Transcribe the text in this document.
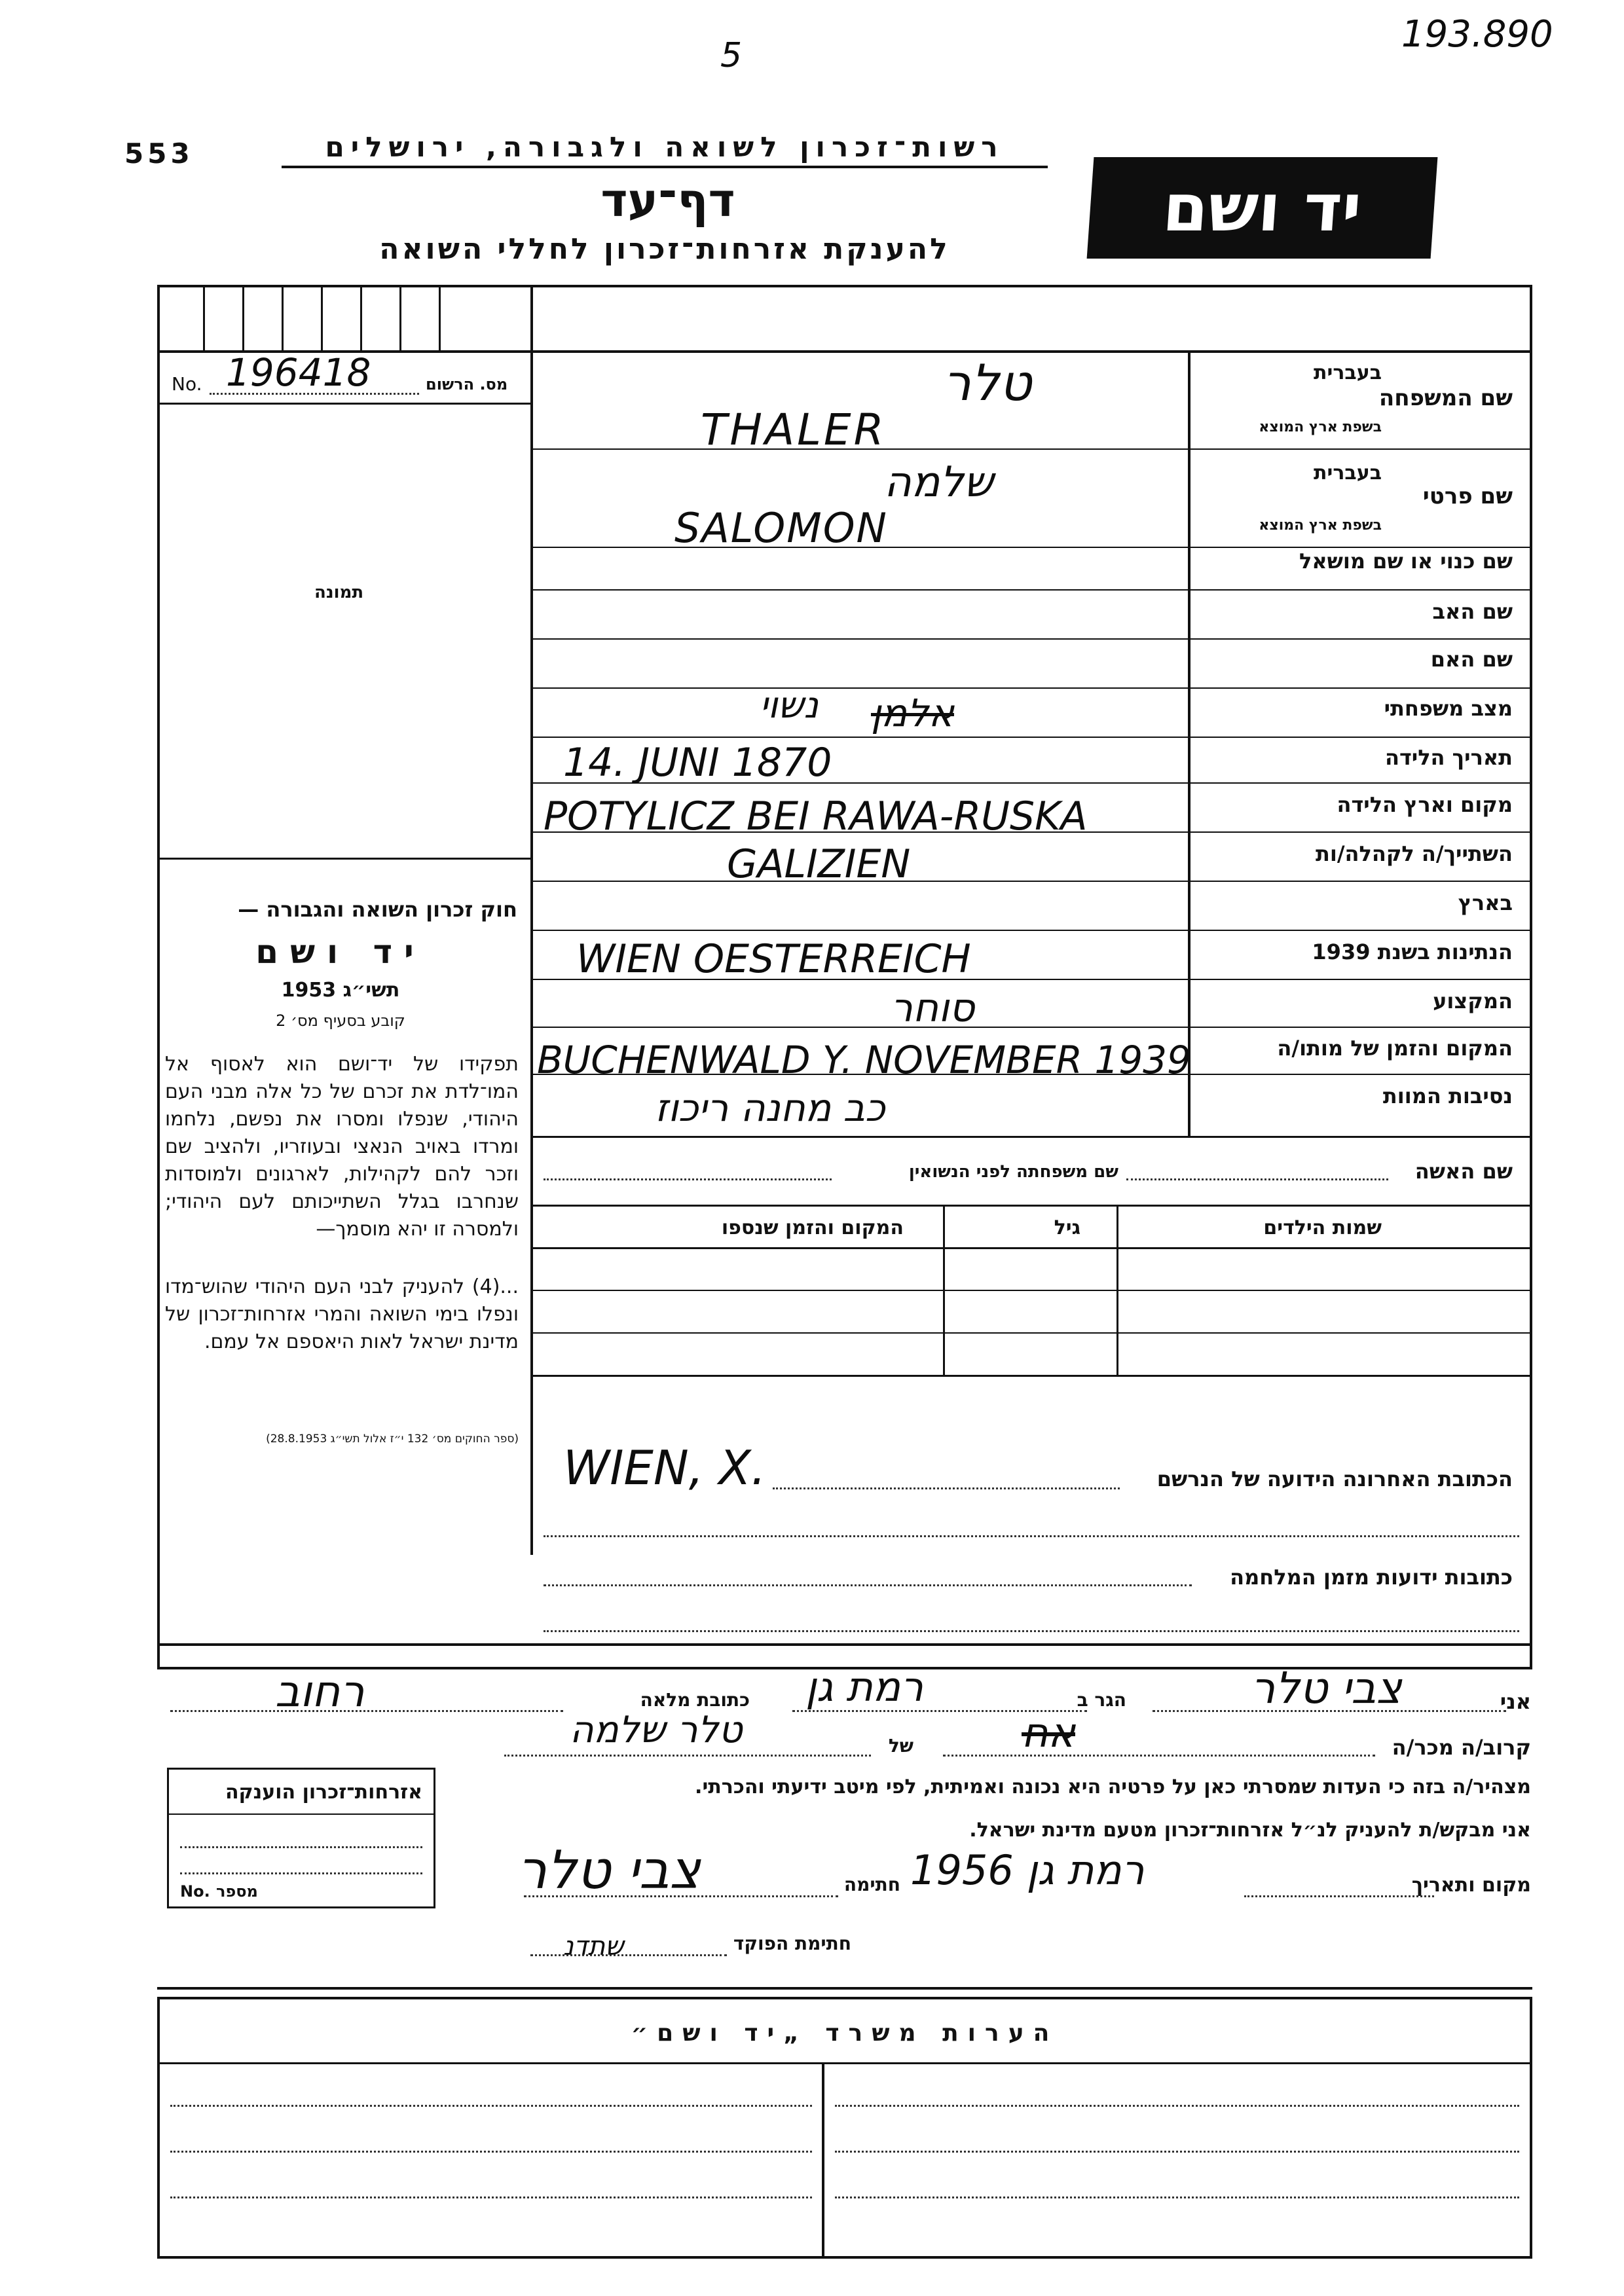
193.890
5
553	רשות־זכרון לשואה ולגבורה, ירושלים
דף־עד
להענקת אזרחות־זכרון לחללי השואה
יד ושם
מס. הרשום
No. 196418
תמונה
חוק זכרון השואה והגבורה —
יד ושם
תשי״ג 1953
קובע בסעיף מס׳ 2
תפקידו של יד־ושם הוא לאסוף אל המו־לדת את זכרם של כל אלה מבני העם היהודי, שנפלו ומסרו את נפשם, נלחמו ומרדו באויב הנאצי ובעוזריו, ולהציב שם וזכר להם לקהילות, לארגונים ולמוסדות שנחרבו בגלל השתייכותם לעם היהודי; ולמסרה זו יהא מוסמך—
...(4) להעניק לבני העם היהודי שהוש־מדו ונפלו בימי השואה והמרי אזרחות־זכרון של מדינת ישראל לאות היאספם אל עמם.
(ספר החוקים מס׳ 132 י״ז אלול תשי״ג 28.8.1953)
בעברית
שם המשפחה
בשפת ארץ המוצא
בעברית
שם פרטי
בשפת ארץ המוצא
שם כנוי או שם מושאל
שם האב
שם האם
מצב משפחתי
תאריך הלידה
מקום וארץ הלידה
השתייך/ה לקהלה/ות
בארץ
הנתינות בשנת 1939
המקצוע
המקום והזמן של מותו/ה
נסיבות המוות
טלר
THALER
שלמה
SALOMON
אלמן
נשוי
14. JUNI 1870
POTYLICZ BEI RAWA-RUSKA
GALIZIEN
WIEN OESTERREICH
סוחר
BUCHENWALD Y. NOVEMBER 1939
כב מחנה ריכוז
שם האשה
שם משפחתה לפני הנשואין
שמות הילדים
גיל
המקום והזמן שנספו
WIEN, X.	הכתובת האחרונה הידועה של הנרשם
כתובות ידועות מזמן המלחמה
אני
צבי טלר
הגר ב
רמת גן
כתובת מלאה
רחוב
קרוב/ה מכר/ה
אח
של
טלר שלמה
מצהיר/ה בזה כי העדות שמסרתי כאן על פרטיה היא נכונה ואמיתית, לפי מיטב ידיעתי והכרתי.
אני מבקש/ת להעניק לנ״ל אזרחות־זכרון מטעם מדינת ישראל.
מקום ותאריך
רמת גן 1956
חתימה
צבי טלר
חתימת הפוקד
שתדנ
אזרחות־זכרון הוענקה
No. מספר
הערות משרד „יד ושם״
